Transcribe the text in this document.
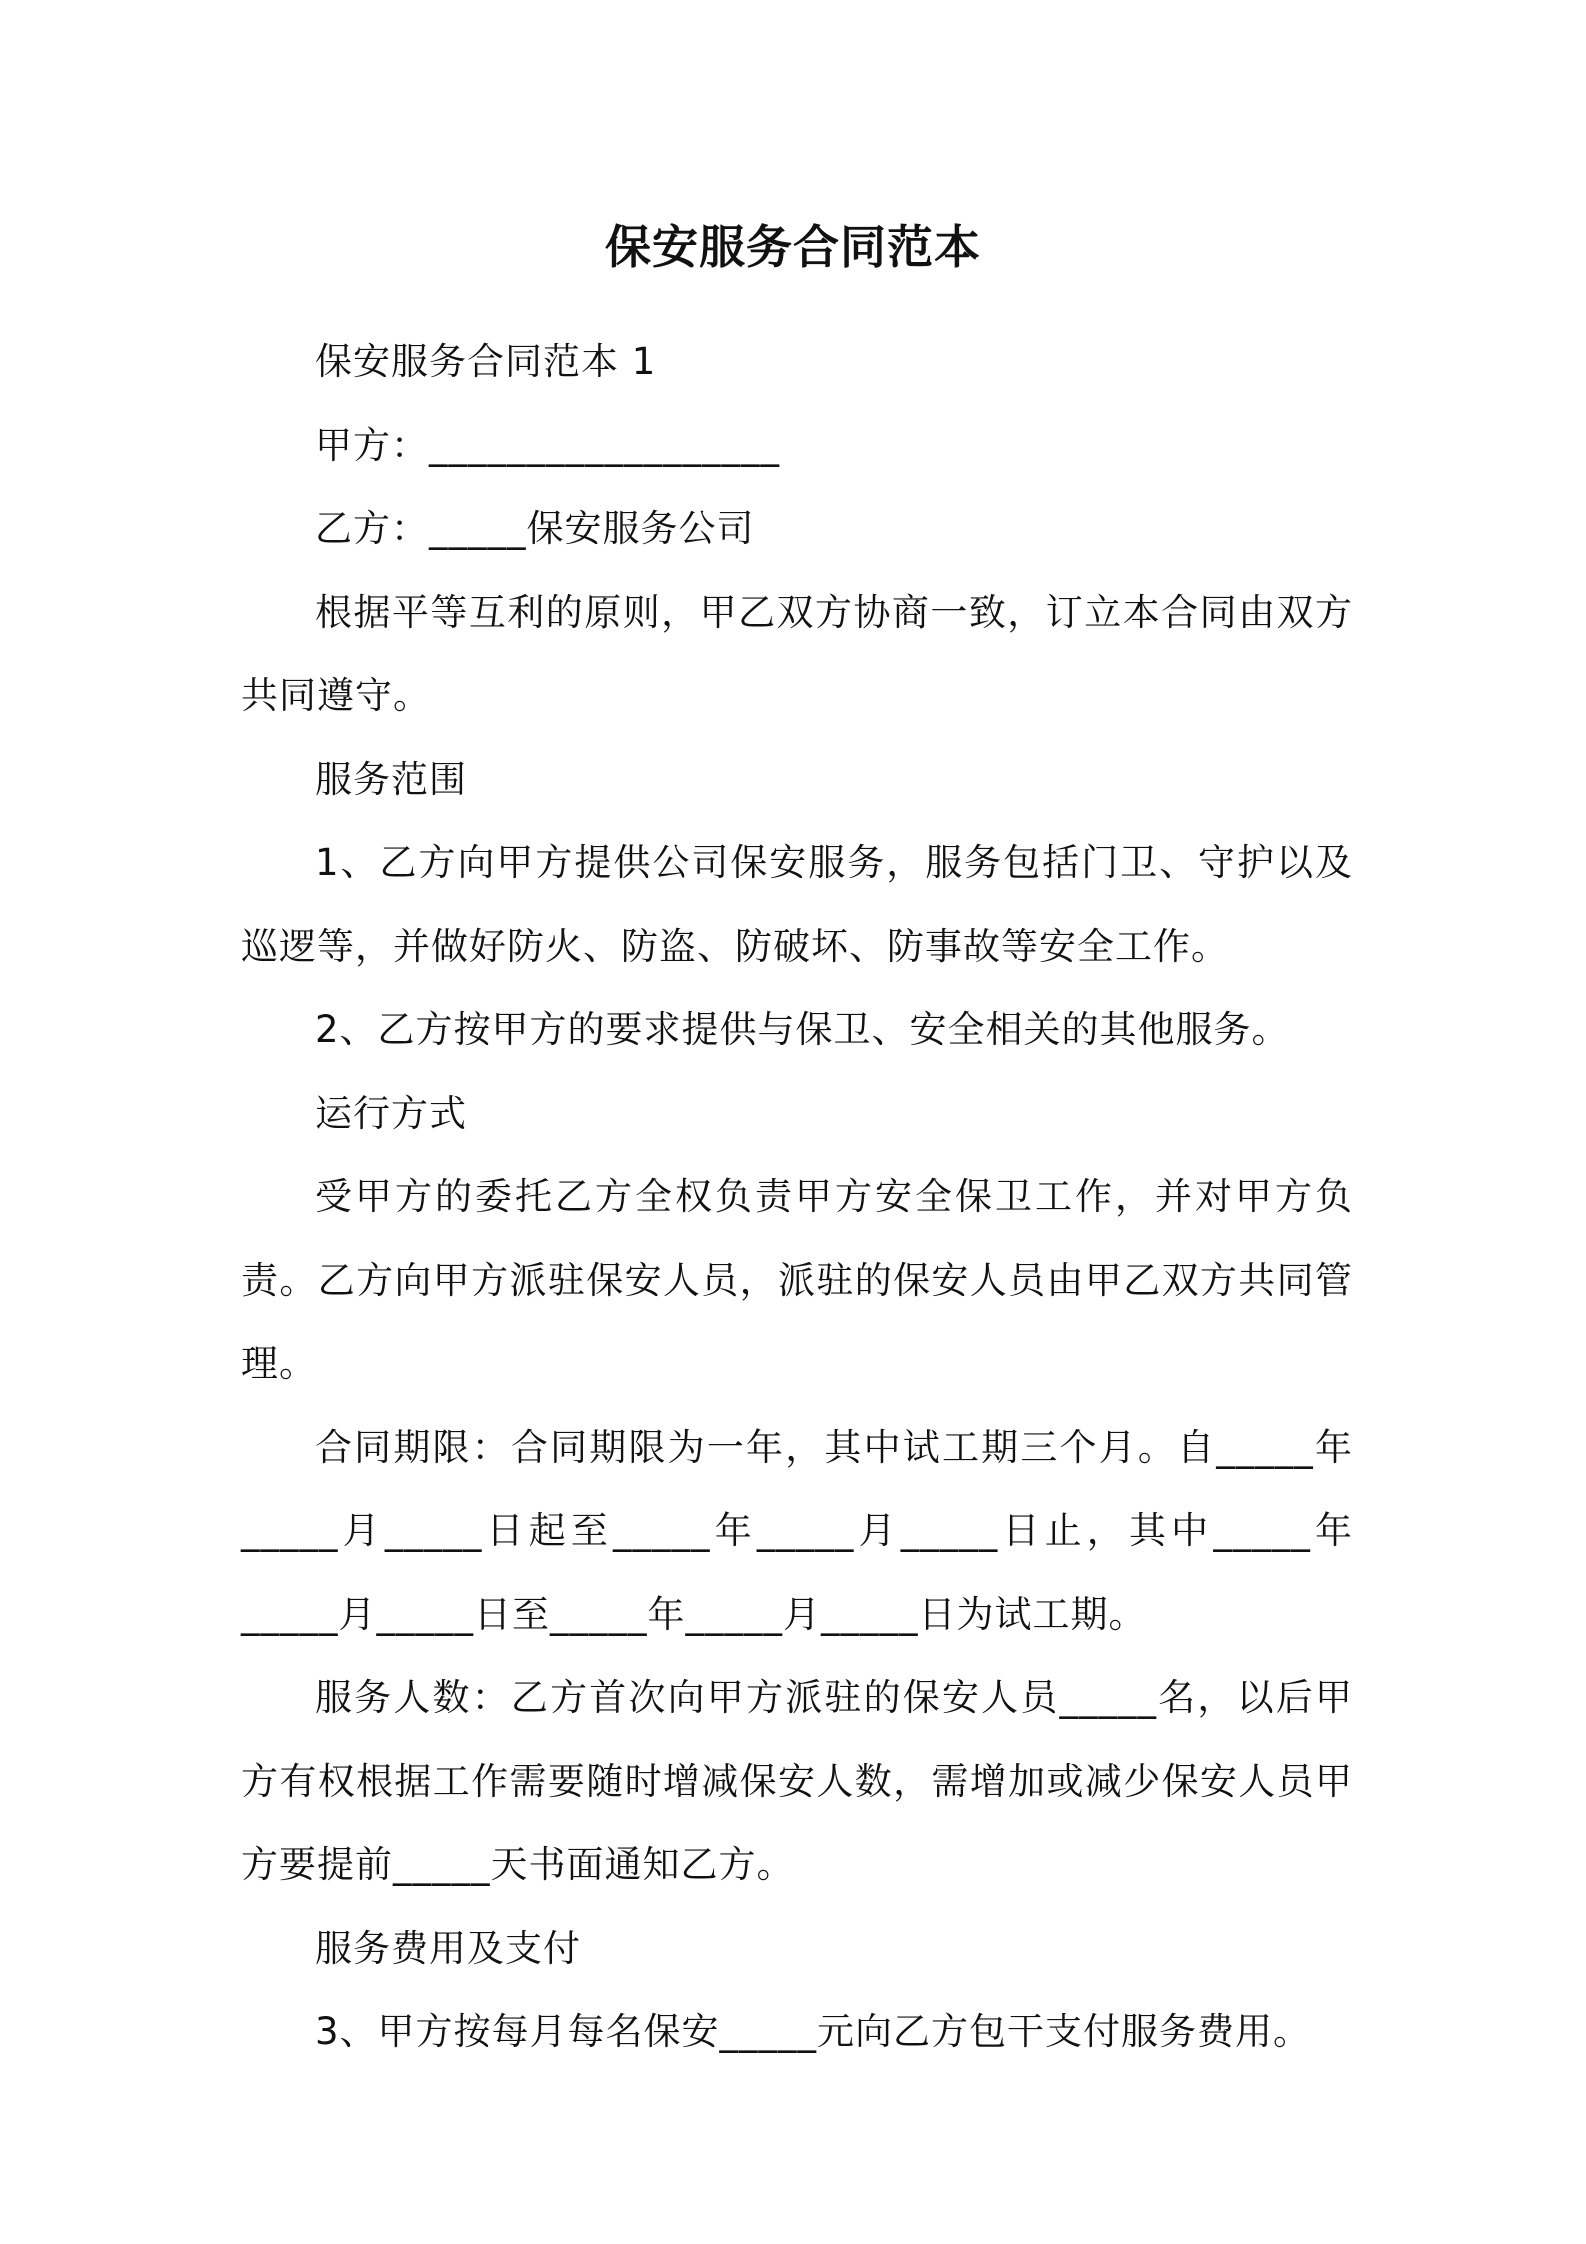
保安服务合同范本

保安服务合同范本 1

甲方：__________________

乙方：_____保安服务公司

根据平等互利的原则，甲乙双方协商一致，订立本合同由双方共同遵守。

服务范围

1、乙方向甲方提供公司保安服务，服务包括门卫、守护以及巡逻等，并做好防火、防盗、防破坏、防事故等安全工作。

2、乙方按甲方的要求提供与保卫、安全相关的其他服务。

运行方式

受甲方的委托乙方全权负责甲方安全保卫工作，并对甲方负责。乙方向甲方派驻保安人员，派驻的保安人员由甲乙双方共同管理。

合同期限：合同期限为一年，其中试工期三个月。自_____年_____月_____日起至_____年_____月_____日止，其中_____年_____月_____日至_____年_____月_____日为试工期。

服务人数：乙方首次向甲方派驻的保安人员_____名，以后甲方有权根据工作需要随时增减保安人数，需增加或减少保安人员甲方要提前_____天书面通知乙方。

服务费用及支付

3、甲方按每月每名保安_____元向乙方包干支付服务费用。
